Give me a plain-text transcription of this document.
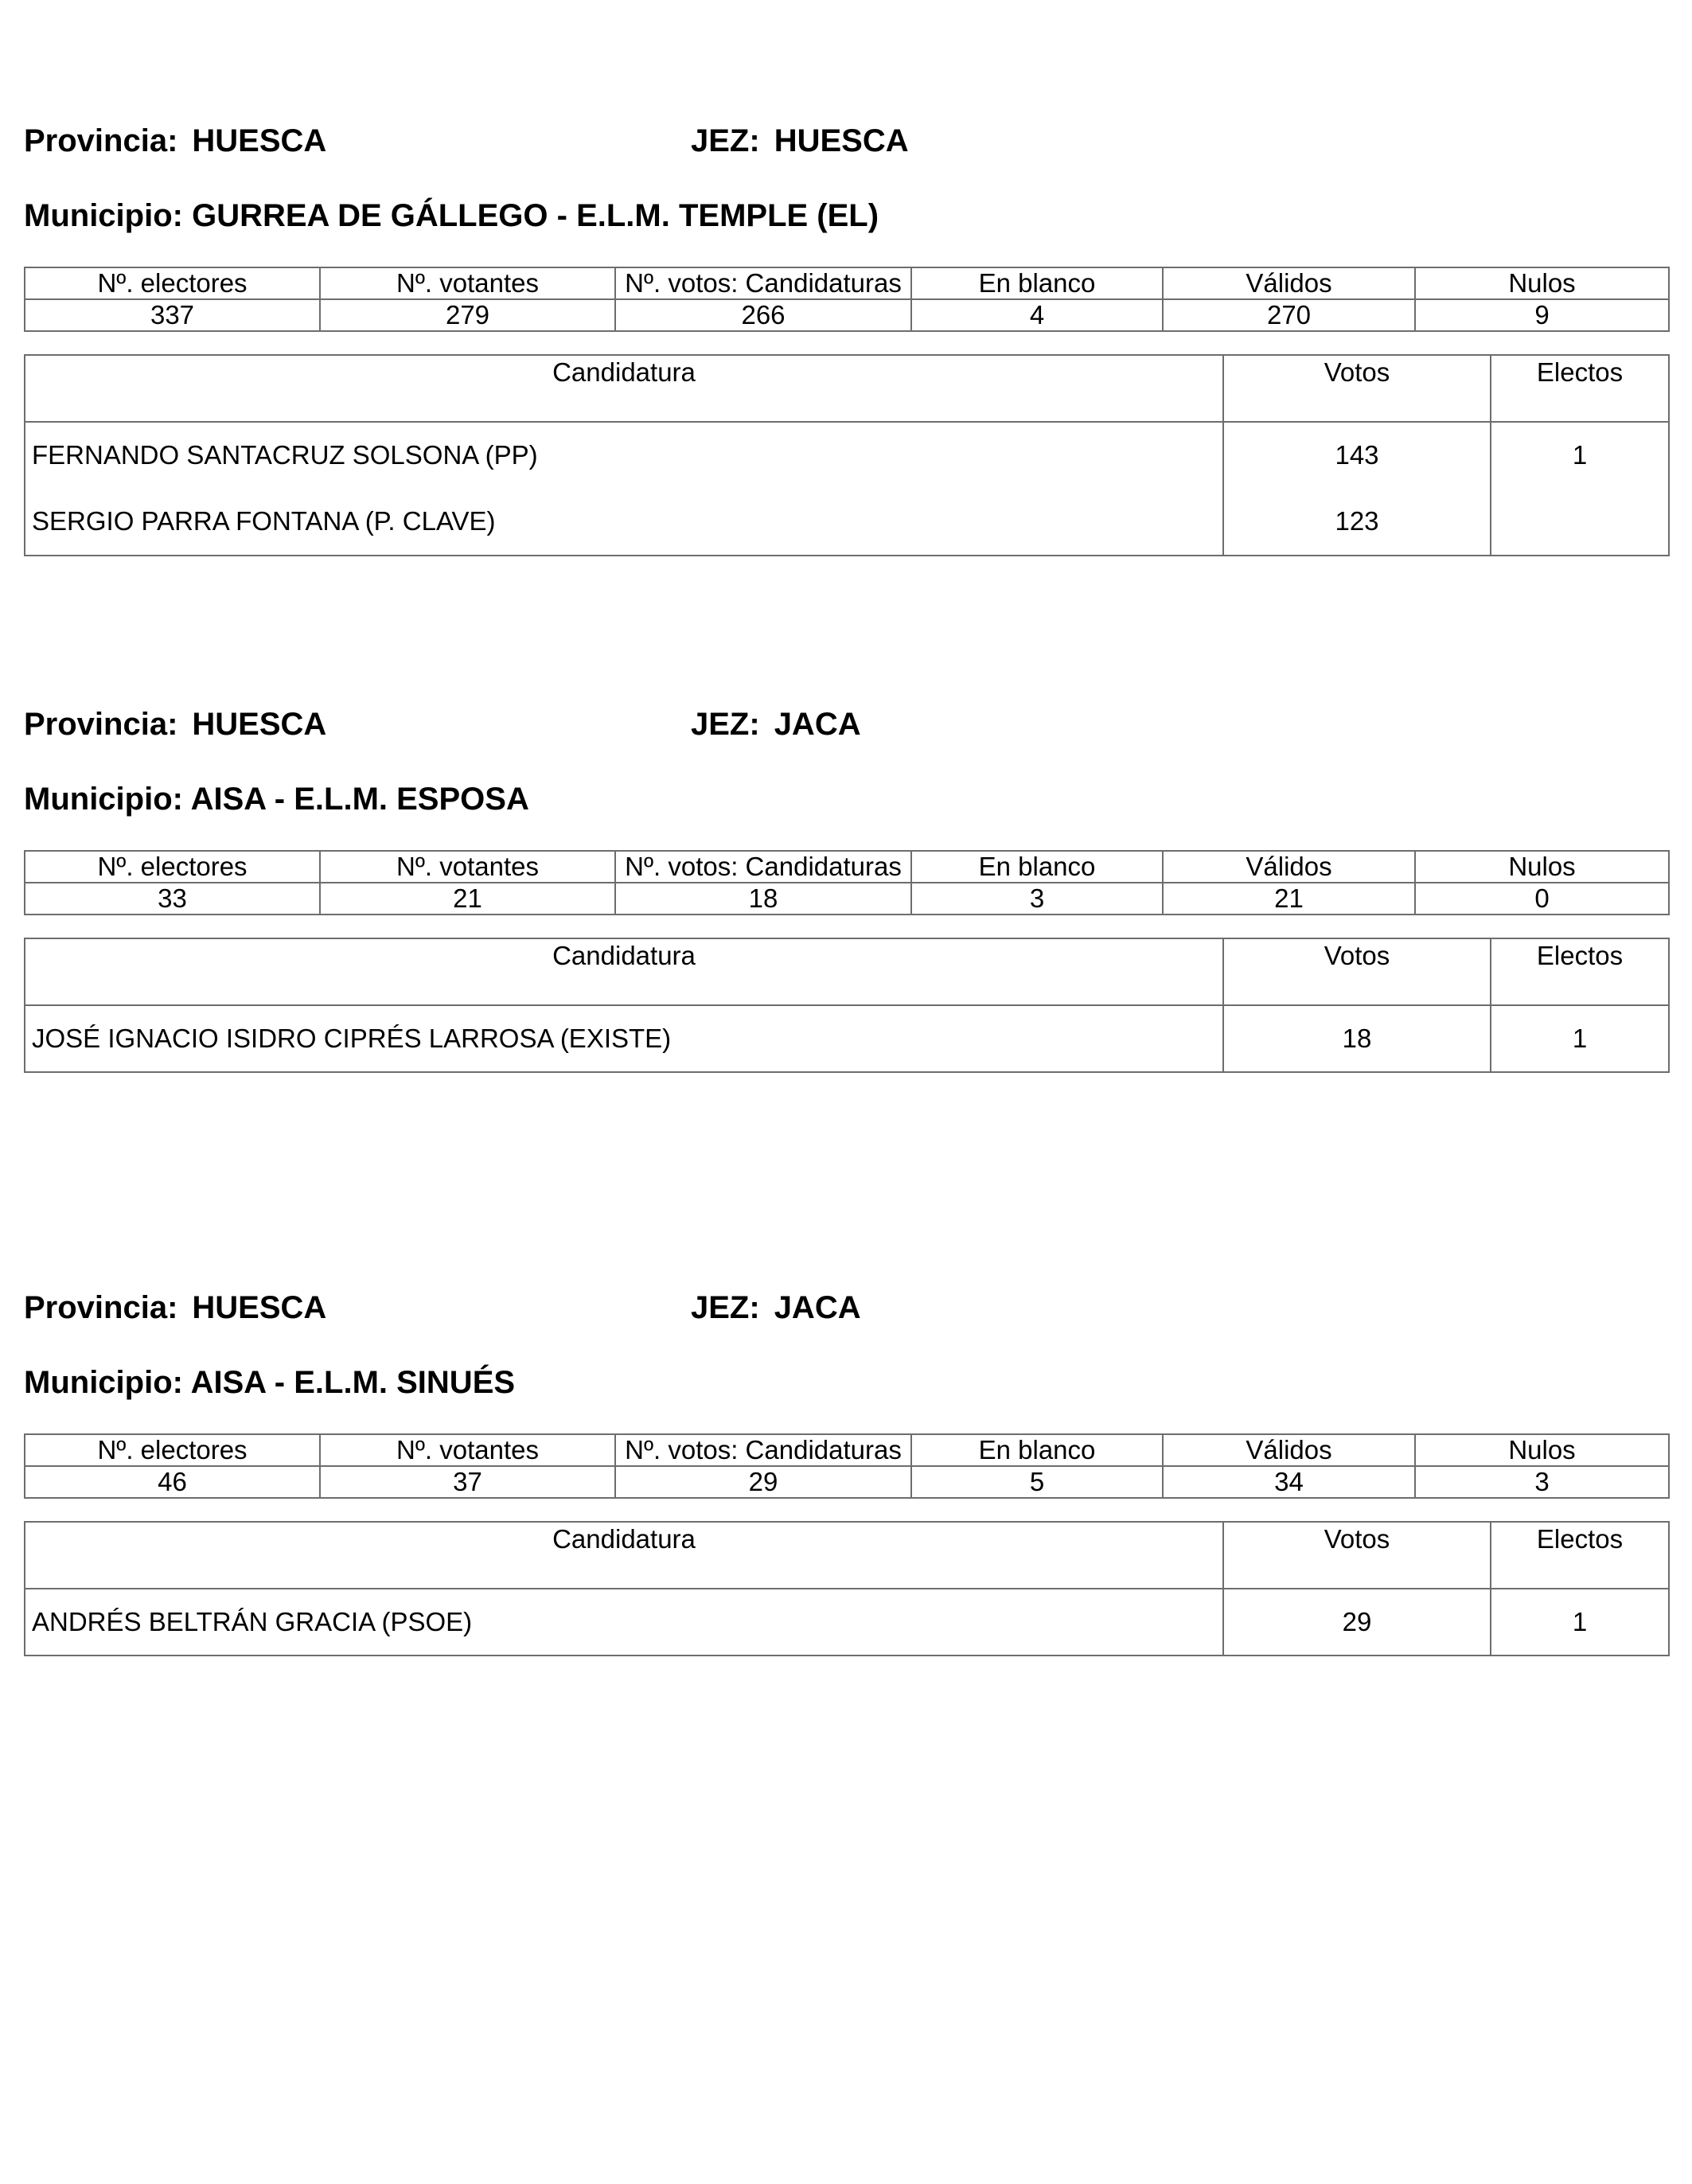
Provincia: HUESCA	JEZ: HUESCA
Municipio: GURREA DE GÁLLEGO - E.L.M. TEMPLE (EL)
Nº. electores	Nº. votantes	Nº. votos: Candidaturas	En blanco	Válidos	Nulos
337	279	266	4	270	9
Candidatura	Votos	Electos
FERNANDO SANTACRUZ SOLSONA (PP)	143	1
SERGIO PARRA FONTANA (P. CLAVE)	123	
Provincia: HUESCA	JEZ: JACA
Municipio: AISA - E.L.M. ESPOSA
Nº. electores	Nº. votantes	Nº. votos: Candidaturas	En blanco	Válidos	Nulos
33	21	18	3	21	0
Candidatura	Votos	Electos
JOSÉ IGNACIO ISIDRO CIPRÉS LARROSA (EXISTE)	18	1
Provincia: HUESCA	JEZ: JACA
Municipio: AISA - E.L.M. SINUÉS
Nº. electores	Nº. votantes	Nº. votos: Candidaturas	En blanco	Válidos	Nulos
46	37	29	5	34	3
Candidatura	Votos	Electos
ANDRÉS BELTRÁN GRACIA (PSOE)	29	1
